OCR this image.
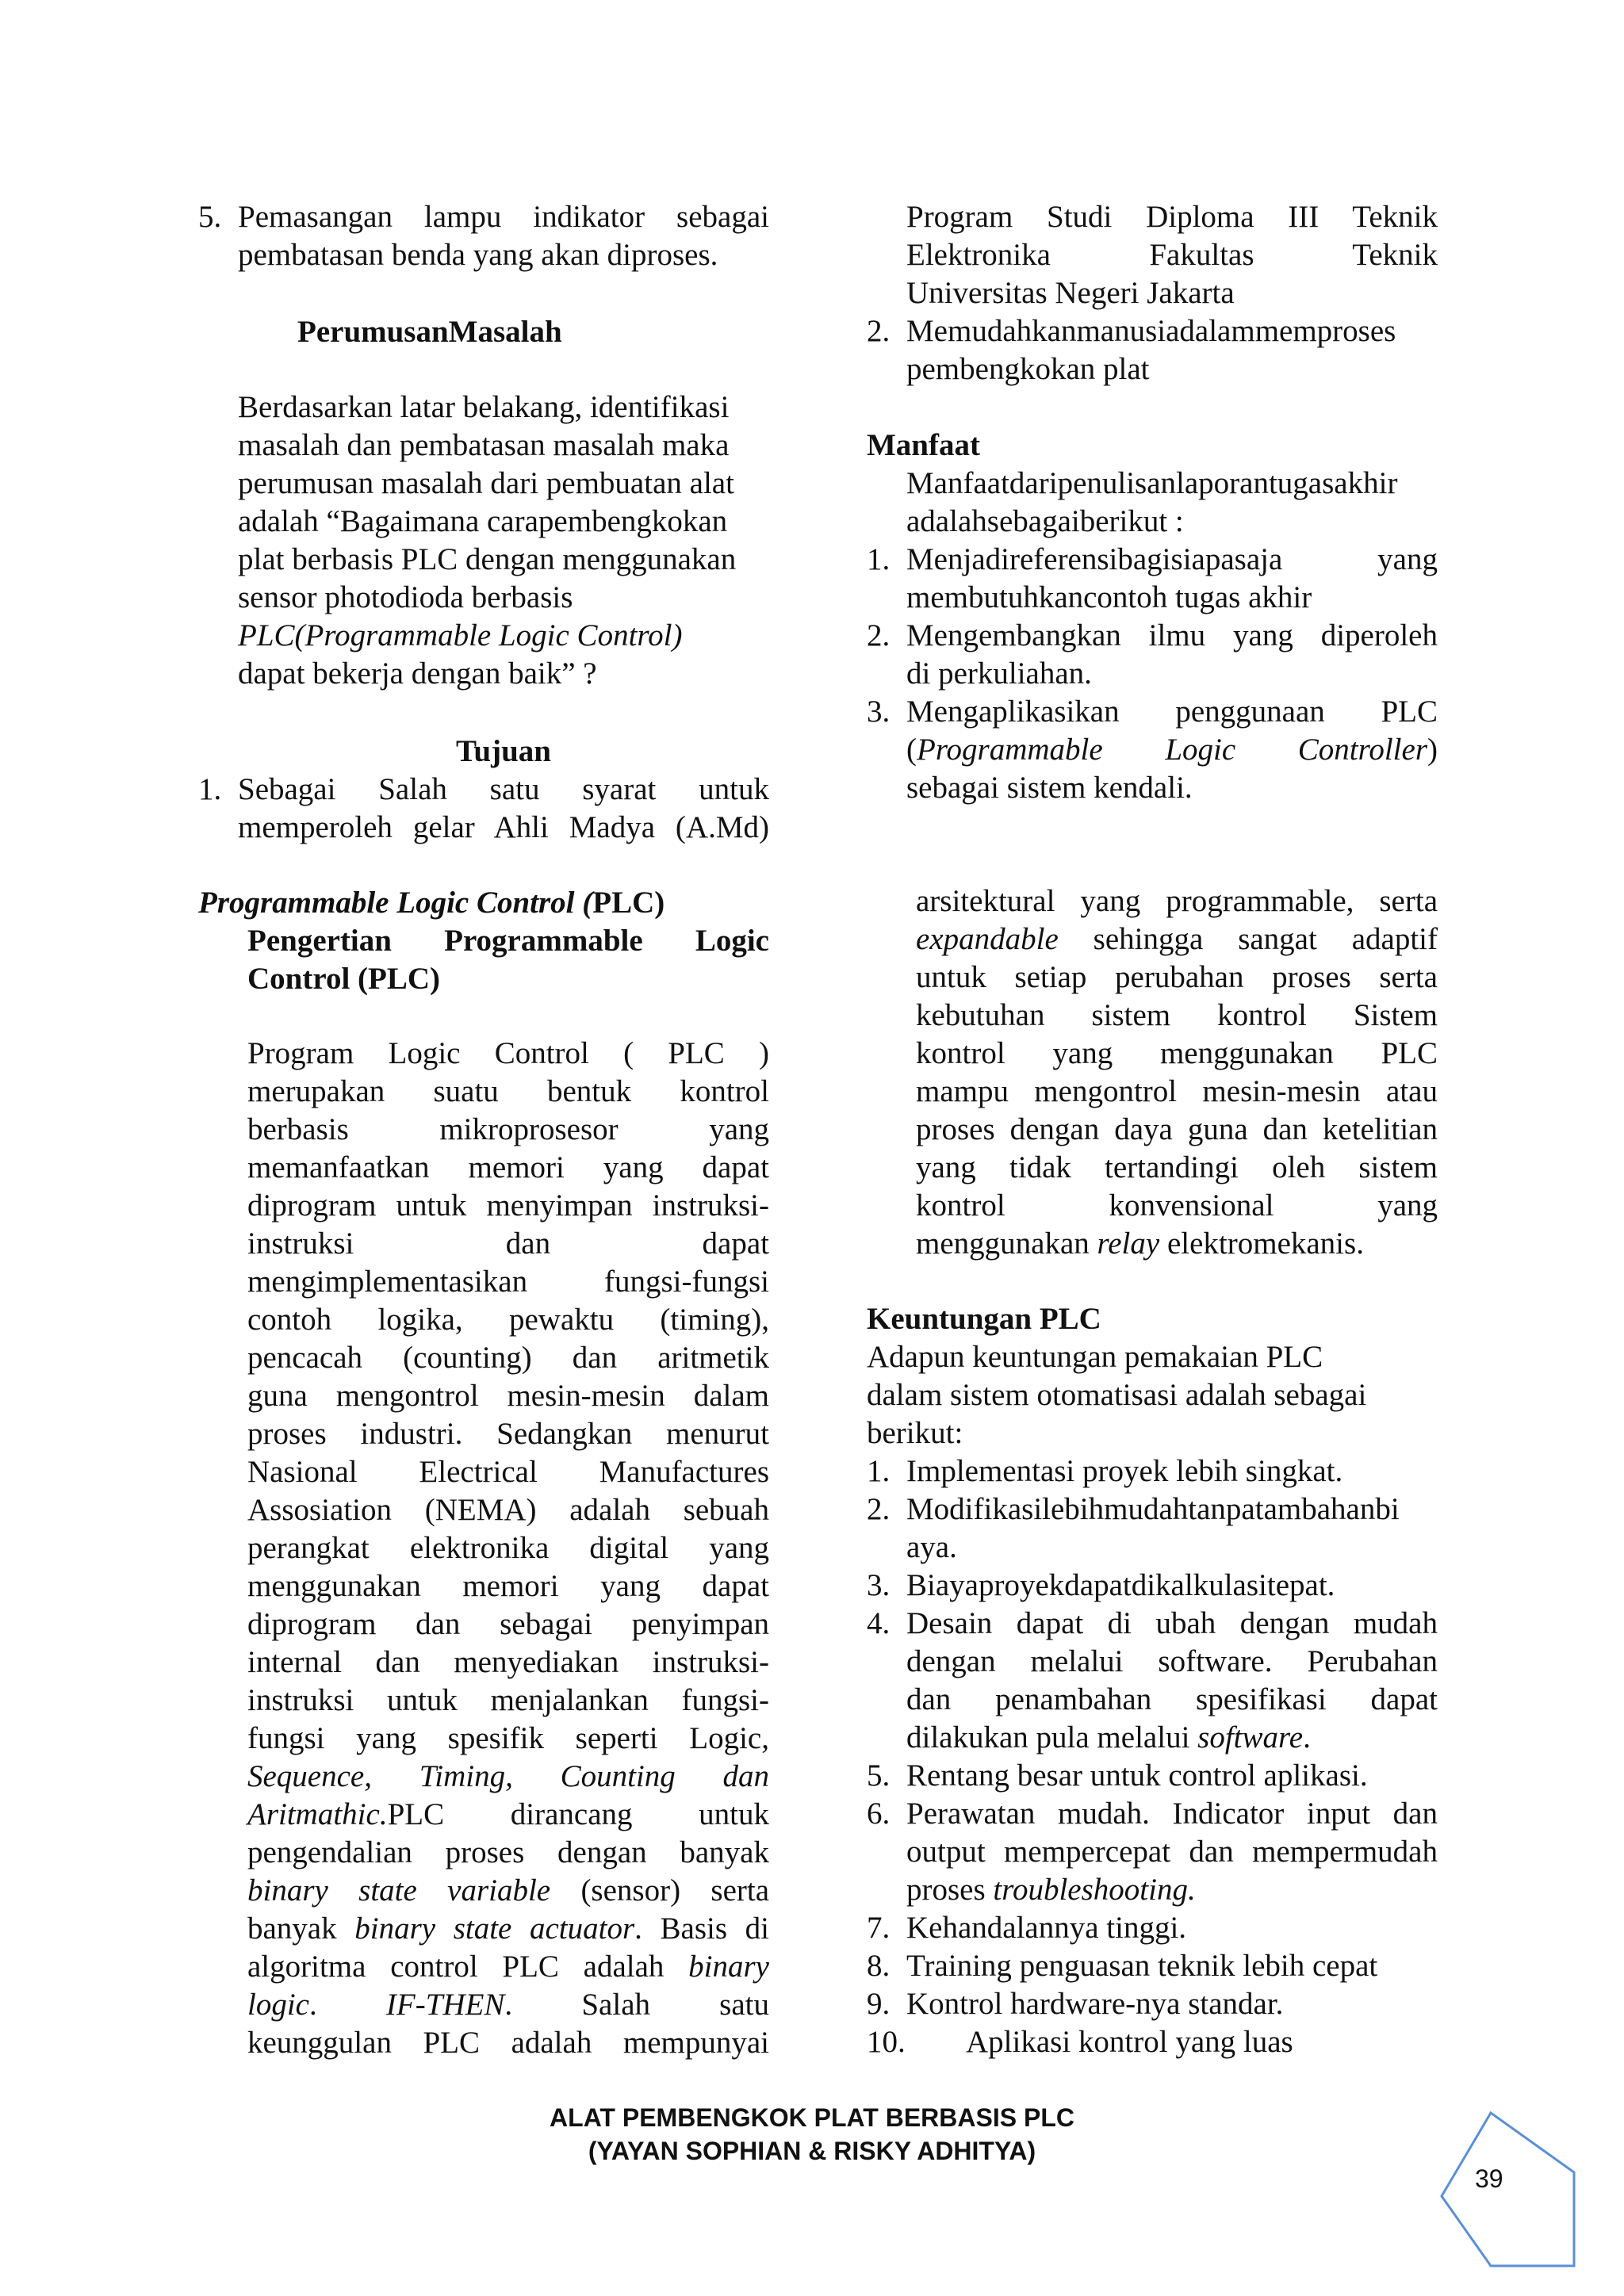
5. Pemasangan lampu indikator sebagai
pembatasan benda yang akan diproses.
PerumusanMasalah
Berdasarkan latar belakang, identifikasi
masalah dan pembatasan masalah maka
perumusan masalah dari pembuatan alat
adalah “Bagaimana carapembengkokan
plat berbasis PLC dengan menggunakan
sensor photodioda berbasis
PLC(Programmable Logic Control)
dapat bekerja dengan baik” ?
Tujuan
1. Sebagai Salah satu syarat untuk
memperoleh gelar Ahli Madya (A.Md)
Programmable Logic Control (PLC)
Pengertian Programmable Logic
Control (PLC)
Program Logic Control ( PLC )
merupakan suatu bentuk kontrol
berbasis mikroprosesor yang
memanfaatkan memori yang dapat
diprogram untuk menyimpan instruksi-
instruksi dan dapat
mengimplementasikan fungsi-fungsi
contoh logika, pewaktu (timing),
pencacah (counting) dan aritmetik
guna mengontrol mesin-mesin dalam
proses industri. Sedangkan menurut
Nasional Electrical Manufactures
Assosiation (NEMA) adalah sebuah
perangkat elektronika digital yang
menggunakan memori yang dapat
diprogram dan sebagai penyimpan
internal dan menyediakan instruksi-
instruksi untuk menjalankan fungsi-
fungsi yang spesifik seperti Logic,
Sequence, Timing, Counting dan
Aritmathic.PLC dirancang untuk
pengendalian proses dengan banyak
binary state variable (sensor) serta
banyak binary state actuator. Basis di
algoritma control PLC adalah binary
logic. IF-THEN. Salah satu
keunggulan PLC adalah mempunyai
Program Studi Diploma III Teknik
Elektronika Fakultas Teknik
Universitas Negeri Jakarta
2. Memudahkanmanusiadalammemproses
pembengkokan plat
Manfaat
Manfaatdaripenulisanlaporantugasakhir
adalahsebagaiberikut :
1. Menjadireferensibagisiapasaja yang
membutuhkancontoh tugas akhir
2. Mengembangkan ilmu yang diperoleh
di perkuliahan.
3. Mengaplikasikan penggunaan PLC
(Programmable Logic Controller)
sebagai sistem kendali.
arsitektural yang programmable, serta
expandable sehingga sangat adaptif
untuk setiap perubahan proses serta
kebutuhan sistem kontrol Sistem
kontrol yang menggunakan PLC
mampu mengontrol mesin-mesin atau
proses dengan daya guna dan ketelitian
yang tidak tertandingi oleh sistem
kontrol konvensional yang
menggunakan relay elektromekanis.
Keuntungan PLC
Adapun keuntungan pemakaian PLC
dalam sistem otomatisasi adalah sebagai
berikut:
1. Implementasi proyek lebih singkat.
2. Modifikasilebihmudahtanpatambahanbi
aya.
3. Biayaproyekdapatdikalkulasitepat.
4. Desain dapat di ubah dengan mudah
dengan melalui software. Perubahan
dan penambahan spesifikasi dapat
dilakukan pula melalui software.
5. Rentang besar untuk control aplikasi.
6. Perawatan mudah. Indicator input dan
output mempercepat dan mempermudah
proses troubleshooting.
7. Kehandalannya tinggi.
8. Training penguasan teknik lebih cepat
9. Kontrol hardware-nya standar.
10. Aplikasi kontrol yang luas
ALAT PEMBENGKOK PLAT BERBASIS PLC
(YAYAN SOPHIAN & RISKY ADHITYA)
39
